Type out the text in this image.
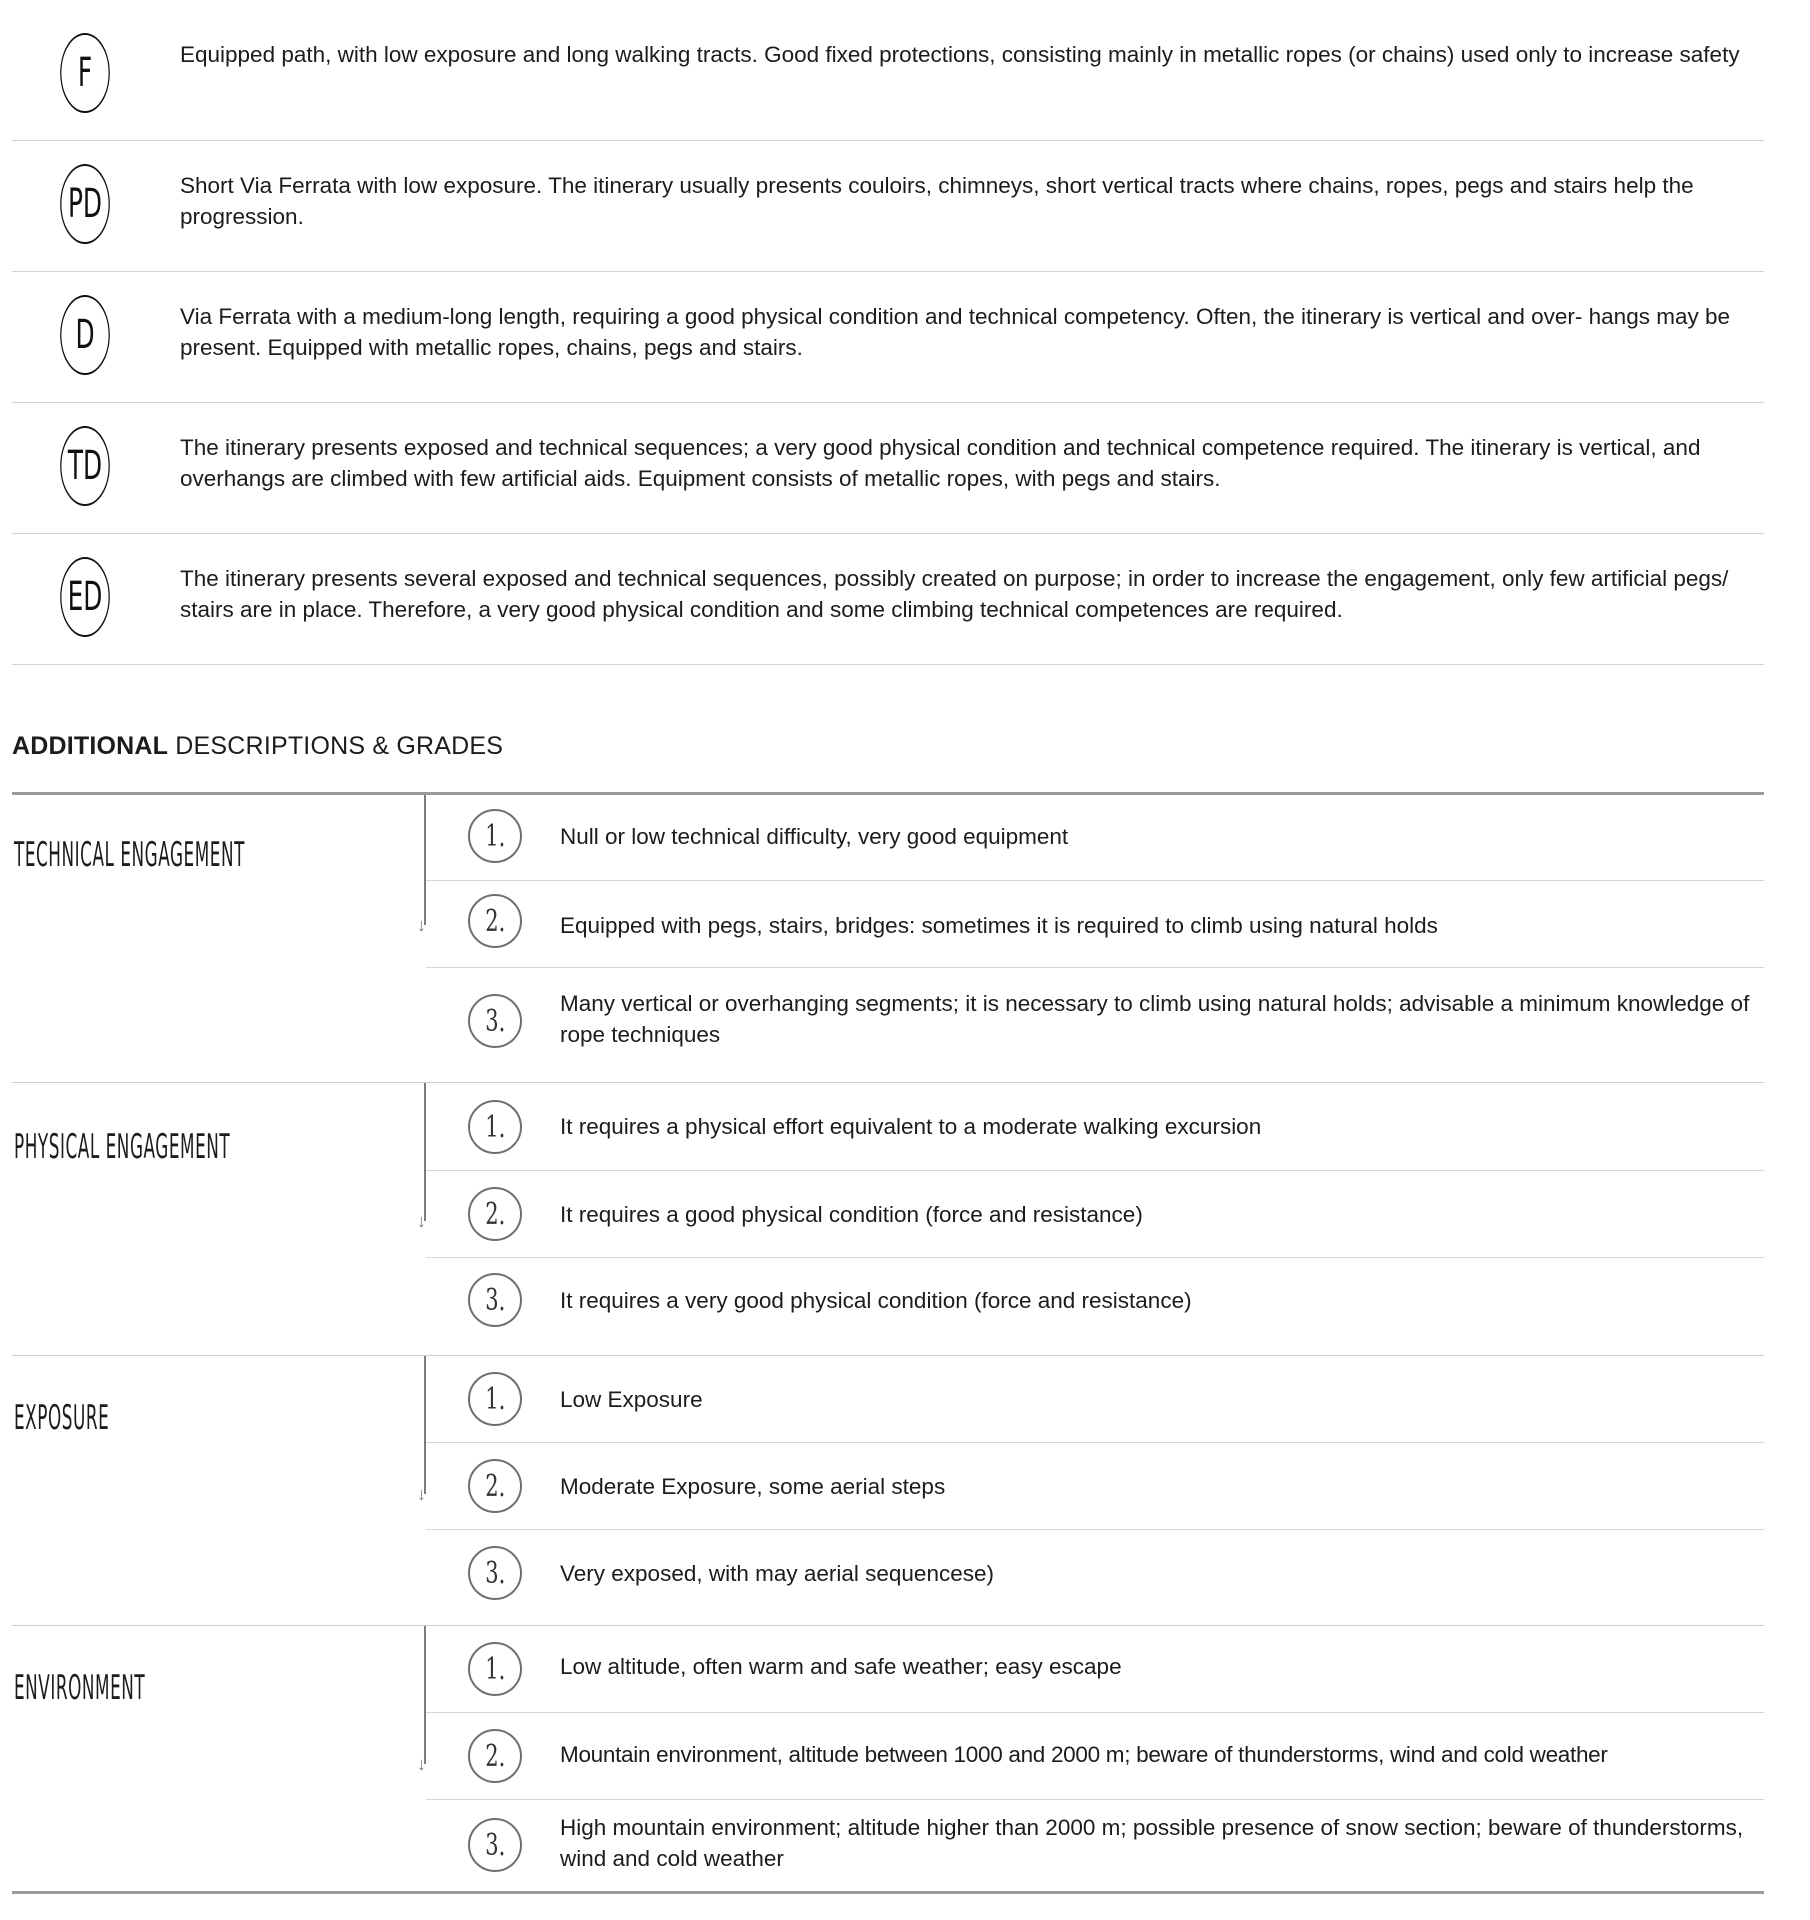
F	Equipped path, with low exposure and long walking tracts. Good fixed protections, consisting mainly in metallic ropes (or chains) used only to increase safety
PD	Short Via Ferrata with low exposure. The itinerary usually presents couloirs, chimneys, short vertical tracts where chains, ropes, pegs and stairs help the progression.
D	Via Ferrata with a medium-long length, requiring a good physical condition and technical competency. Often, the itinerary is vertical and over- hangs may be present. Equipped with metallic ropes, chains, pegs and stairs.
TD	The itinerary presents exposed and technical sequences; a very good physical condition and technical competence required. The itinerary is vertical, and overhangs are climbed with few artificial aids. Equipment consists of metallic ropes, with pegs and stairs.
ED	The itinerary presents several exposed and technical sequences, possibly created on purpose; in order to increase the engagement, only few artificial pegs/ stairs are in place. Therefore, a very good physical condition and some climbing technical competences are required.
ADDITIONAL DESCRIPTIONS & GRADES
TECHNICAL ENGAGEMENT
↓
1. Null or low technical difficulty, very good equipment
2. Equipped with pegs, stairs, bridges: sometimes it is required to climb using natural holds
3. Many vertical or overhanging segments; it is necessary to climb using natural holds; advisable a minimum knowledge of rope techniques
PHYSICAL ENGAGEMENT
↓
1. It requires a physical effort equivalent to a moderate walking excursion
2. It requires a good physical condition (force and resistance)
3. It requires a very good physical condition (force and resistance)
EXPOSURE
↓
1. Low Exposure
2. Moderate Exposure, some aerial steps
3. Very exposed, with may aerial sequencese)
ENVIRONMENT
↓
1. Low altitude, often warm and safe weather; easy escape
2. Mountain environment, altitude between 1000 and 2000 m; beware of thunderstorms, wind and cold weather
3. High mountain environment; altitude higher than 2000 m; possible presence of snow section; beware of thunderstorms, wind and cold weather
